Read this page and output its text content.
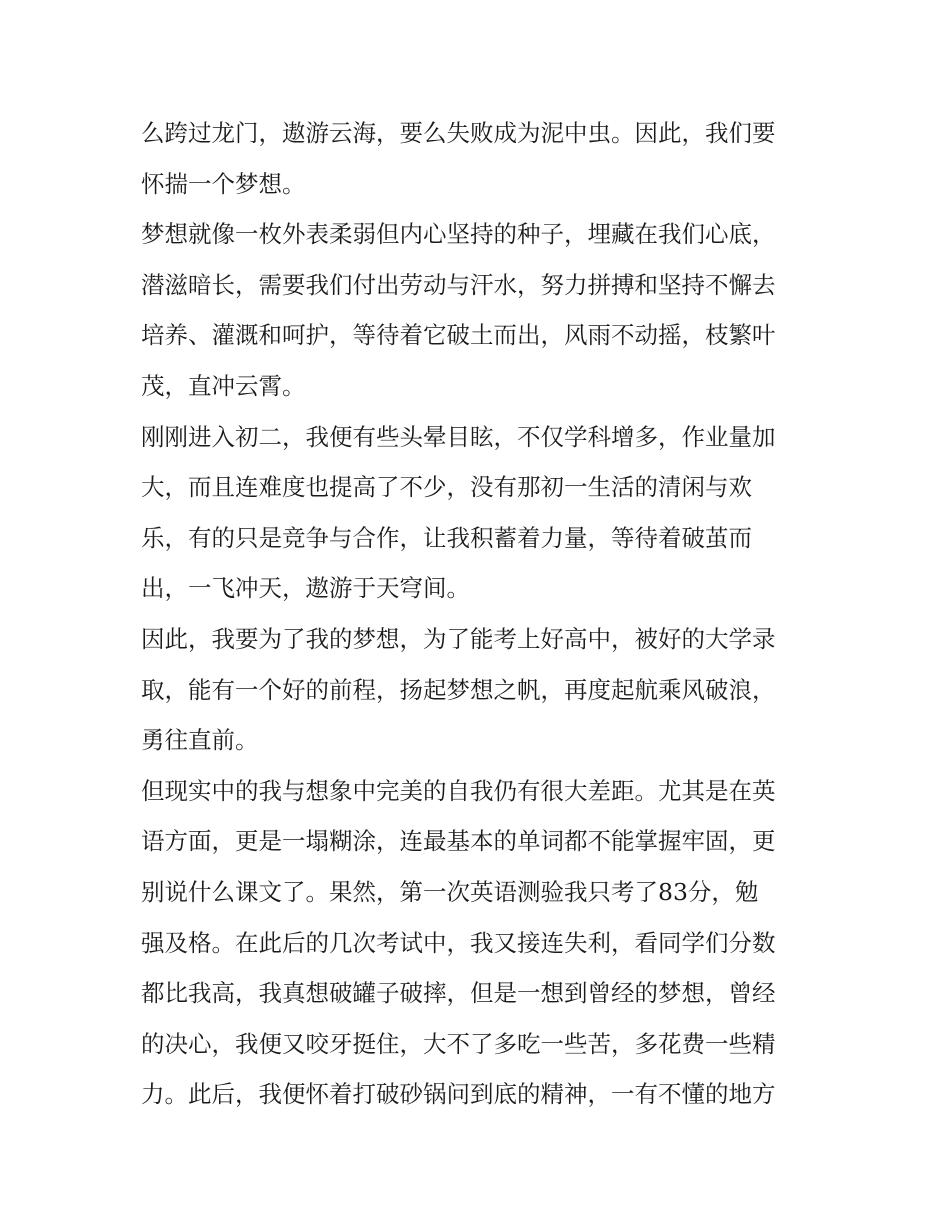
么跨过龙门，遨游云海，要么失败成为泥中虫。因此，我们要
怀揣一个梦想。
梦想就像一枚外表柔弱但内心坚持的种子，埋藏在我们心底，
潜滋暗长，需要我们付出劳动与汗水，努力拼搏和坚持不懈去
培养、灌溉和呵护，等待着它破土而出，风雨不动摇，枝繁叶
茂，直冲云霄。
刚刚进入初二，我便有些头晕目眩，不仅学科增多，作业量加
大，而且连难度也提高了不少，没有那初一生活的清闲与欢
乐，有的只是竞争与合作，让我积蓄着力量，等待着破茧而
出，一飞冲天，遨游于天穹间。
因此，我要为了我的梦想，为了能考上好高中，被好的大学录
取，能有一个好的前程，扬起梦想之帆，再度起航乘风破浪，
勇往直前。
但现实中的我与想象中完美的自我仍有很大差距。尤其是在英
语方面，更是一塌糊涂，连最基本的单词都不能掌握牢固，更
别说什么课文了。果然，第一次英语测验我只考了83分，勉
强及格。在此后的几次考试中，我又接连失利，看同学们分数
都比我高，我真想破罐子破摔，但是一想到曾经的梦想，曾经
的决心，我便又咬牙挺住，大不了多吃一些苦，多花费一些精
力。此后，我便怀着打破砂锅问到底的精神，一有不懂的地方
